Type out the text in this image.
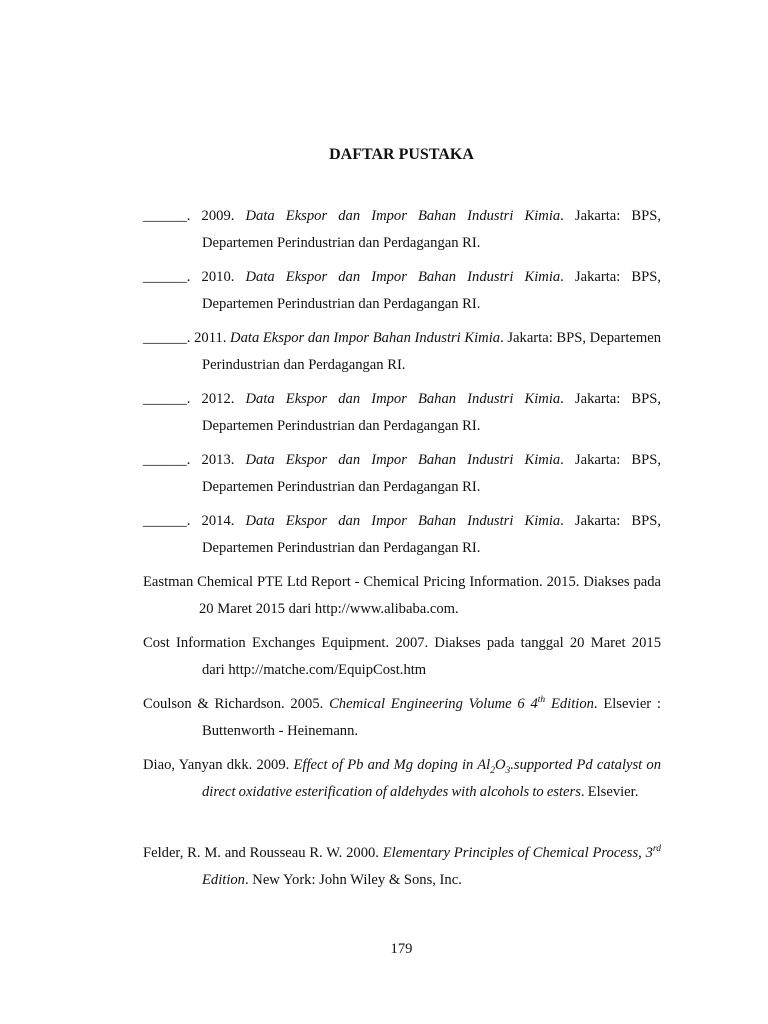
DAFTAR PUSTAKA

______. 2009. Data Ekspor dan Impor Bahan Industri Kimia. Jakarta: BPS, Departemen Perindustrian dan Perdagangan RI.

______. 2010. Data Ekspor dan Impor Bahan Industri Kimia. Jakarta: BPS, Departemen Perindustrian dan Perdagangan RI.

______. 2011. Data Ekspor dan Impor Bahan Industri Kimia. Jakarta: BPS, Departemen Perindustrian dan Perdagangan RI.

______. 2012. Data Ekspor dan Impor Bahan Industri Kimia. Jakarta: BPS, Departemen Perindustrian dan Perdagangan RI.

______. 2013. Data Ekspor dan Impor Bahan Industri Kimia. Jakarta: BPS, Departemen Perindustrian dan Perdagangan RI.

______. 2014. Data Ekspor dan Impor Bahan Industri Kimia. Jakarta: BPS, Departemen Perindustrian dan Perdagangan RI.

Eastman Chemical PTE Ltd Report - Chemical Pricing Information. 2015. Diakses pada 20 Maret 2015 dari http://www.alibaba.com.

Cost Information Exchanges Equipment. 2007. Diakses pada tanggal 20 Maret 2015 dari http://matche.com/EquipCost.htm

Coulson & Richardson. 2005. Chemical Engineering Volume 6 4th Edition. Elsevier : Buttenworth - Heinemann.

Diao, Yanyan dkk. 2009. Effect of Pb and Mg doping in $Al_2O_3.supported$ Pd catalyst on direct oxidative esterification of aldehydes with alcohols to esters. Elsevier.

Felder, R. M. and Rousseau R. W. 2000. Elementary Principles of Chemical Process, 3rd Edition. New York: John Wiley & Sons, Inc.

179
